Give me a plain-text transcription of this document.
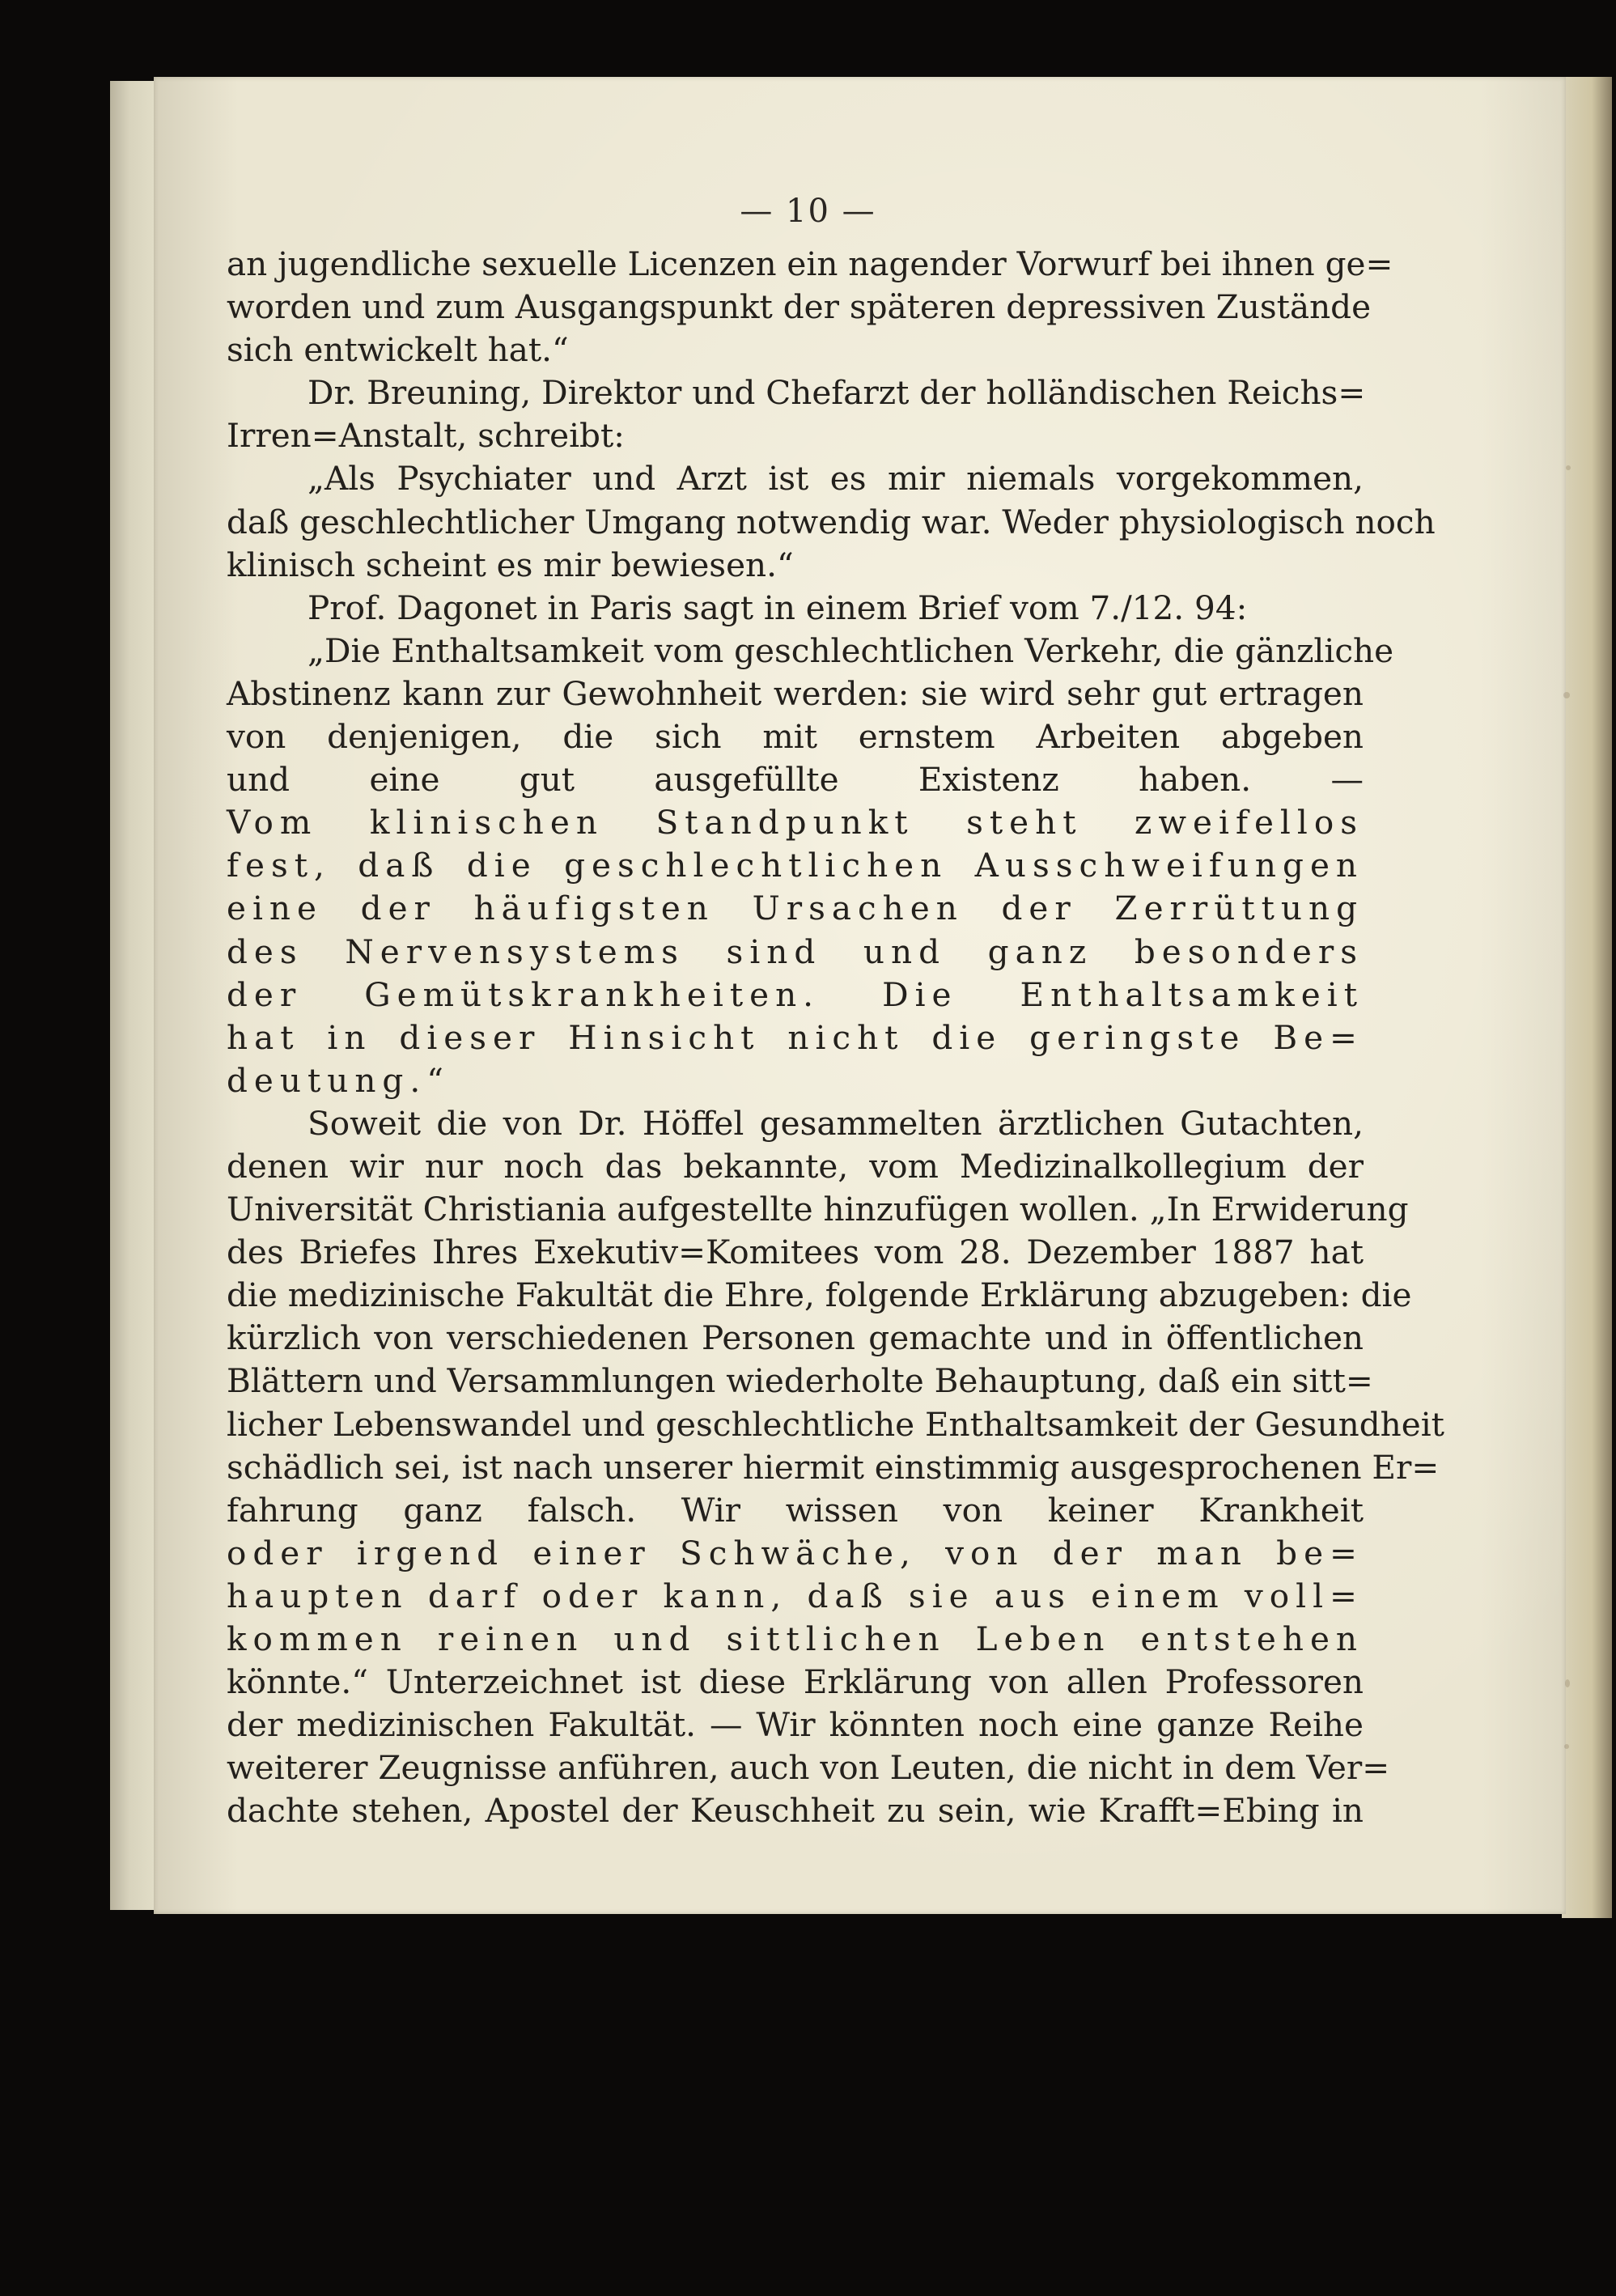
— 10 —
an jugendliche sexuelle Licenzen ein nagender Vorwurf bei ihnen ge=
worden und zum Ausgangspunkt der späteren depressiven Zustände
sich entwickelt hat.“
Dr. Breuning, Direktor und Chefarzt der holländischen Reichs=
Irren=Anstalt, schreibt:
„Als Psychiater und Arzt ist es mir niemals vorgekommen,
daß geschlechtlicher Umgang notwendig war. Weder physiologisch noch
klinisch scheint es mir bewiesen.“
Prof. Dagonet in Paris sagt in einem Brief vom 7./12. 94:
„Die Enthaltsamkeit vom geschlechtlichen Verkehr, die gänzliche
Abstinenz kann zur Gewohnheit werden: sie wird sehr gut ertragen
von denjenigen, die sich mit ernstem Arbeiten abgeben
und eine gut ausgefüllte Existenz haben. —
Vom klinischen Standpunkt steht zweifellos
fest, daß die geschlechtlichen Ausschweifungen
eine der häufigsten Ursachen der Zerrüttung
des Nervensystems sind und ganz besonders
der Gemütskrankheiten. Die Enthaltsamkeit
hat in dieser Hinsicht nicht die geringste Be=
deutung.“
Soweit die von Dr. Höffel gesammelten ärztlichen Gutachten,
denen wir nur noch das bekannte, vom Medizinalkollegium der
Universität Christiania aufgestellte hinzufügen wollen. „In Erwiderung
des Briefes Ihres Exekutiv=Komitees vom 28. Dezember 1887 hat
die medizinische Fakultät die Ehre, folgende Erklärung abzugeben: die
kürzlich von verschiedenen Personen gemachte und in öffentlichen
Blättern und Versammlungen wiederholte Behauptung, daß ein sitt=
licher Lebenswandel und geschlechtliche Enthaltsamkeit der Gesundheit
schädlich sei, ist nach unserer hiermit einstimmig ausgesprochenen Er=
fahrung ganz falsch. Wir wissen von keiner Krankheit
oder irgend einer Schwäche, von der man be=
haupten darf oder kann, daß sie aus einem voll=
kommen reinen und sittlichen Leben entstehen
könnte.“ Unterzeichnet ist diese Erklärung von allen Professoren
der medizinischen Fakultät. — Wir könnten noch eine ganze Reihe
weiterer Zeugnisse anführen, auch von Leuten, die nicht in dem Ver=
dachte stehen, Apostel der Keuschheit zu sein, wie Krafft=Ebing in
